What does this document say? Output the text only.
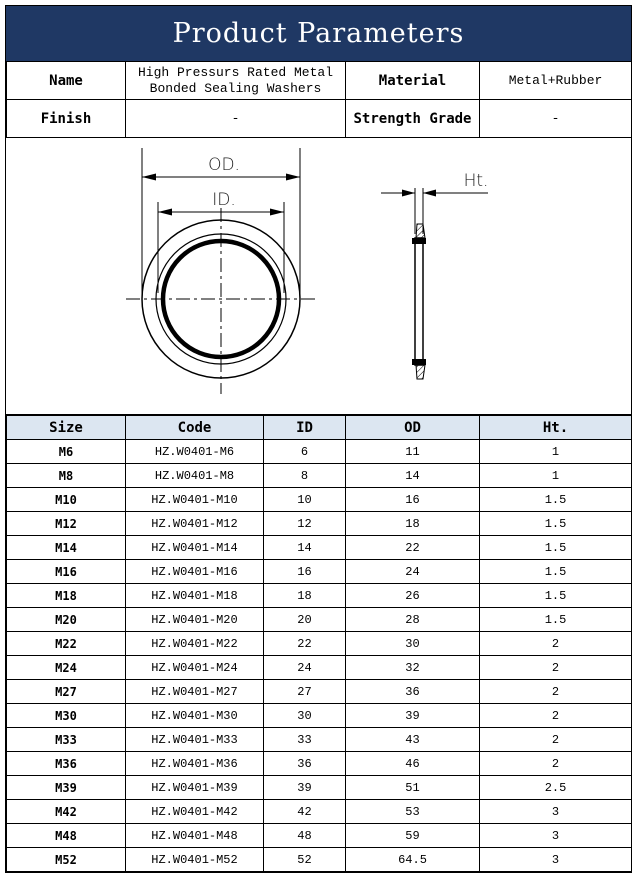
Product Parameters
Name	High Pressurs Rated Metal
Bonded Sealing Washers	Material	Metal+Rubber
Finish	-	Strength Grade	-
OD.
ID.
Ht.
Size	Code	ID	OD	Ht.
M6	HZ.W0401-M6	6	11	1
M8	HZ.W0401-M8	8	14	1
M10	HZ.W0401-M10	10	16	1.5
M12	HZ.W0401-M12	12	18	1.5
M14	HZ.W0401-M14	14	22	1.5
M16	HZ.W0401-M16	16	24	1.5
M18	HZ.W0401-M18	18	26	1.5
M20	HZ.W0401-M20	20	28	1.5
M22	HZ.W0401-M22	22	30	2
M24	HZ.W0401-M24	24	32	2
M27	HZ.W0401-M27	27	36	2
M30	HZ.W0401-M30	30	39	2
M33	HZ.W0401-M33	33	43	2
M36	HZ.W0401-M36	36	46	2
M39	HZ.W0401-M39	39	51	2.5
M42	HZ.W0401-M42	42	53	3
M48	HZ.W0401-M48	48	59	3
M52	HZ.W0401-M52	52	64.5	3
